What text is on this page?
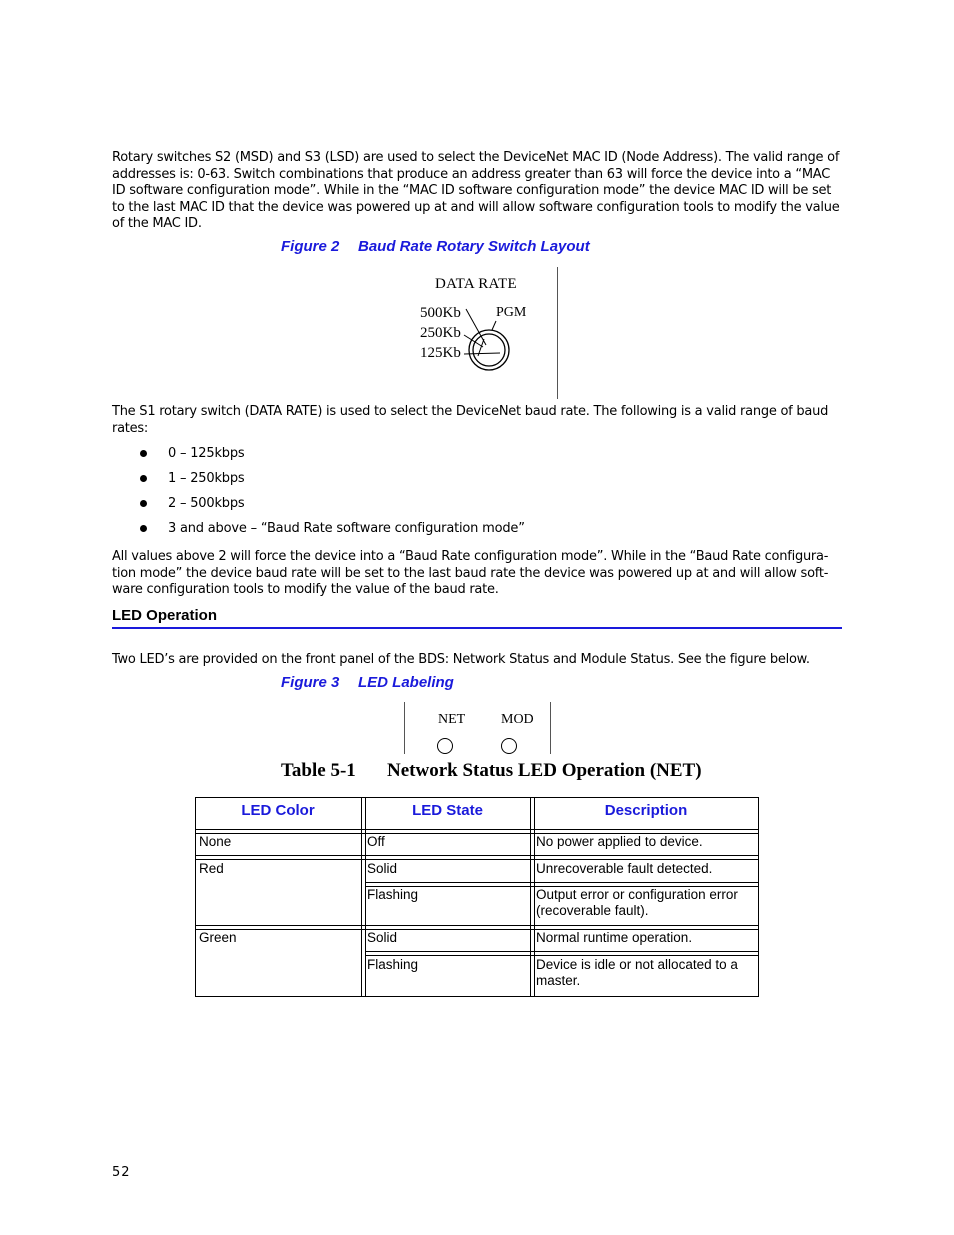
Rotary switches S2 (MSD) and S3 (LSD) are used to select the DeviceNet MAC ID (Node Address). The valid range of addresses is: 0-63. Switch combinations that produce an address greater than 63 will force the device into a “MAC ID software configuration mode”. While in the “MAC ID software configuration mode” the device MAC ID will be set to the last MAC ID that the device was powered up at and will allow software configuration tools to modify the value of the MAC ID.

Figure 2 Baud Rate Rotary Switch Layout
DATA RATE
500Kb
250Kb
125Kb
PGM

The S1 rotary switch (DATA RATE) is used to select the DeviceNet baud rate. The following is a valid range of baud rates:

0 – 125kbps
1 – 250kbps
2 – 500kbps
3 and above – “Baud Rate software configuration mode”

All values above 2 will force the device into a “Baud Rate configuration mode”. While in the “Baud Rate configura-tion mode” the device baud rate will be set to the last baud rate the device was powered up at and will allow soft-ware configuration tools to modify the value of the baud rate.

LED Operation

Two LED’s are provided on the front panel of the BDS: Network Status and Module Status. See the figure below.

Figure 3 LED Labeling
NET	MOD
Table 5-1 Network Status LED Operation (NET)
LED Color	LED State	Description
None	Off	No power applied to device.
Red	Solid	Unrecoverable fault detected.
Flashing	Output error or configuration error (recoverable fault).
Green	Solid	Normal runtime operation.
Flashing	Device is idle or not allocated to a master.
52
